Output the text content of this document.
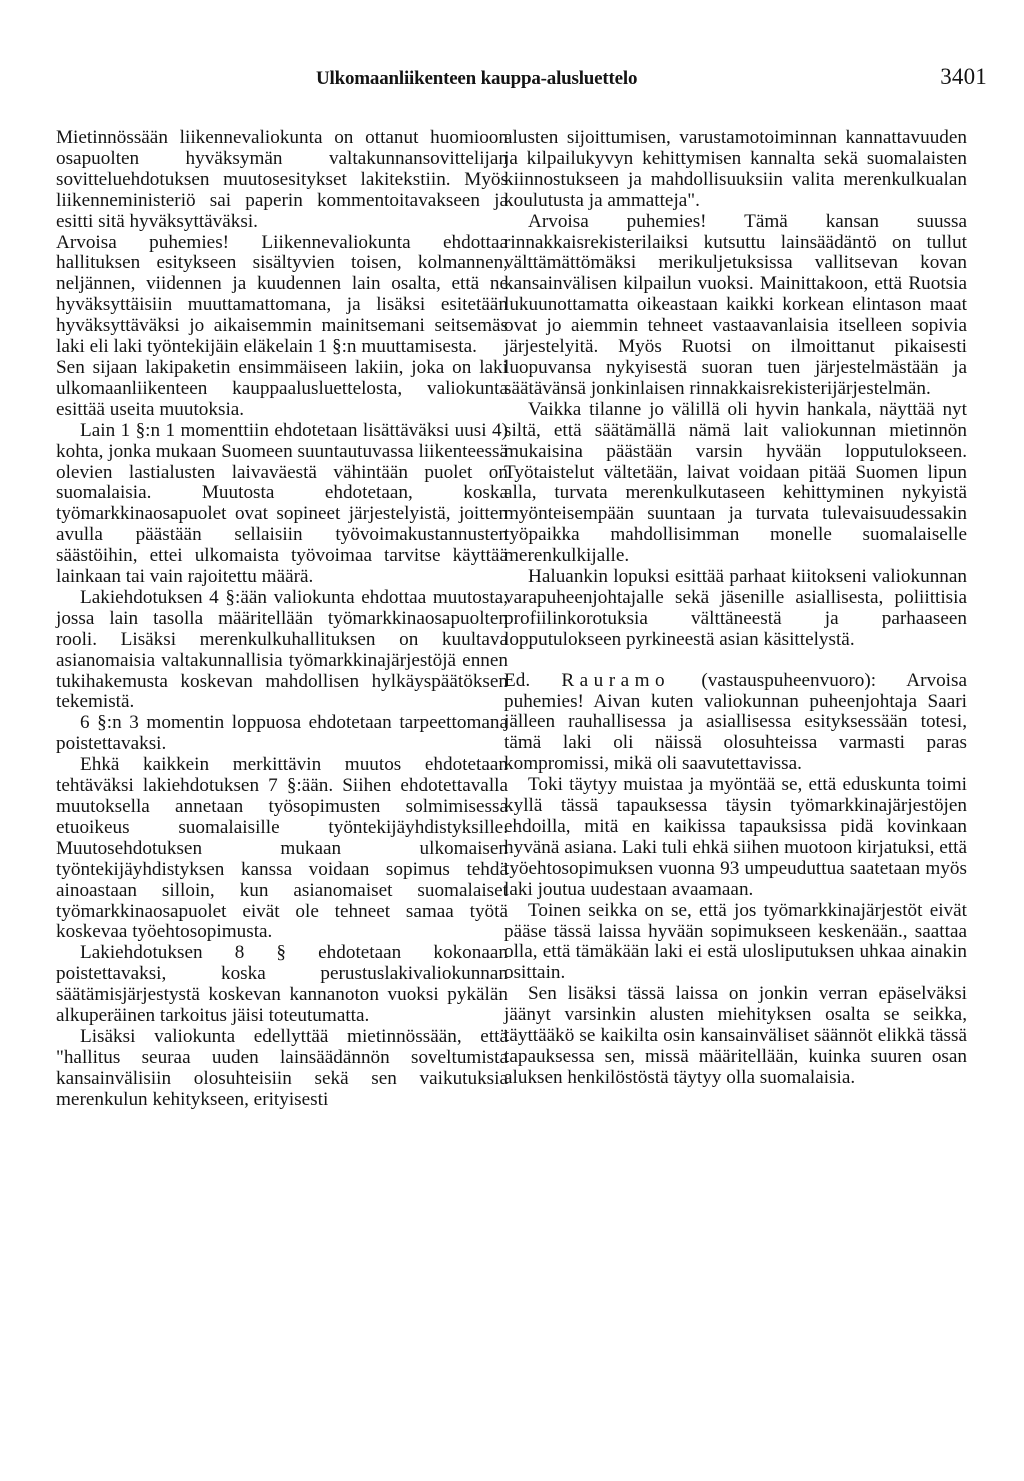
Ulkomaanliikenteen kauppa-alusluettelo	3401

Mietinnössään liikennevaliokunta on ottanut huomioon osapuolten hyväksymän valtakunnansovittelijan sovitteluehdotuksen muutosesitykset lakitekstiin. Myös liikenneministeriö sai paperin kommentoitavakseen ja esitti sitä hyväksyttäväksi.

Arvoisa puhemies! Liikennevaliokunta ehdottaa hallituksen esitykseen sisältyvien toisen, kolmannen, neljännen, viidennen ja kuudennen lain osalta, että ne hyväksyttäisiin muuttamattomana, ja lisäksi esitetään hyväksyttäväksi jo aikaisemmin mainitsemani seitsemäs laki eli laki työntekijäin eläkelain 1 §:n muuttamisesta.

Sen sijaan lakipaketin ensimmäiseen lakiin, joka on laki ulkomaanliikenteen kauppaalusluettelosta, valiokunta esittää useita muutoksia.

Lain 1 §:n 1 momenttiin ehdotetaan lisättäväksi uusi 4) kohta, jonka mukaan Suomeen suuntautuvassa liikenteessä olevien lastialusten laivaväestä vähintään puolet on suomalaisia. Muutosta ehdotetaan, koska työmarkkinaosapuolet ovat sopineet järjestelyistä, joitten avulla päästään sellaisiin työvoimakustannusten säästöihin, ettei ulkomaista työvoimaa tarvitse käyttää lainkaan tai vain rajoitettu määrä.

Lakiehdotuksen 4 §:ään valiokunta ehdottaa muutosta, jossa lain tasolla määritellään työmarkkinaosapuolten rooli. Lisäksi merenkulkuhallituksen on kuultava asianomaisia valtakunnallisia työmarkkinajärjestöjä ennen tukihakemusta koskevan mahdollisen hylkäyspäätöksen tekemistä.

6 §:n 3 momentin loppuosa ehdotetaan tarpeettomana poistettavaksi.

Ehkä kaikkein merkittävin muutos ehdotetaan tehtäväksi lakiehdotuksen 7 §:ään. Siihen ehdotettavalla muutoksella annetaan työsopimusten solmimisessa etuoikeus suomalaisille työntekijäyhdistyksille. Muutosehdotuksen mukaan ulkomaisen työntekijäyhdistyksen kanssa voidaan sopimus tehdä ainoastaan silloin, kun asianomaiset suomalaiset työmarkkinaosapuolet eivät ole tehneet samaa työtä koskevaa työehtosopimusta.

Lakiehdotuksen 8 § ehdotetaan kokonaan poistettavaksi, koska perustuslakivaliokunnan säätämisjärjestystä koskevan kannanoton vuoksi pykälän alkuperäinen tarkoitus jäisi toteutumatta.

Lisäksi valiokunta edellyttää mietinnössään, että "hallitus seuraa uuden lainsäädännön soveltumista kansainvälisiin olosuhteisiin sekä sen vaikutuksia merenkulun kehitykseen, erityisesti

alusten sijoittumisen, varustamotoiminnan kannattavuuden ja kilpailukyvyn kehittymisen kannalta sekä suomalaisten kiinnostukseen ja mahdollisuuksiin valita merenkulkualan koulutusta ja ammatteja".

Arvoisa puhemies! Tämä kansan suussa rinnakkaisrekisterilaiksi kutsuttu lainsäädäntö on tullut välttämättömäksi merikuljetuksissa vallitsevan kovan kansainvälisen kilpailun vuoksi. Mainittakoon, että Ruotsia lukuunottamatta oikeastaan kaikki korkean elintason maat ovat jo aiemmin tehneet vastaavanlaisia itselleen sopivia järjestelyitä. Myös Ruotsi on ilmoittanut pikaisesti luopuvansa nykyisestä suoran tuen järjestelmästään ja säätävänsä jonkinlaisen rinnakkaisrekisterijärjestelmän.

Vaikka tilanne jo välillä oli hyvin hankala, näyttää nyt siltä, että säätämällä nämä lait valiokunnan mietinnön mukaisina päästään varsin hyvään lopputulokseen. Työtaistelut vältetään, laivat voidaan pitää Suomen lipun alla, turvata merenkulkutaseen kehittyminen nykyistä myönteisempään suuntaan ja turvata tulevaisuudessakin työpaikka mahdollisimman monelle suomalaiselle merenkulkijalle.

Haluankin lopuksi esittää parhaat kiitokseni valiokunnan varapuheenjohtajalle sekä jäsenille asiallisesta, poliittisia profiilinkorotuksia välttäneestä ja parhaaseen lopputulokseen pyrkineestä asian käsittelystä.

Ed. Rauramo (vastauspuheenvuoro): Arvoisa puhemies! Aivan kuten valiokunnan puheenjohtaja Saari jälleen rauhallisessa ja asiallisessa esityksessään totesi, tämä laki oli näissä olosuhteissa varmasti paras kompromissi, mikä oli saavutettavissa.

Toki täytyy muistaa ja myöntää se, että eduskunta toimi kyllä tässä tapauksessa täysin työmarkkinajärjestöjen ehdoilla, mitä en kaikissa tapauksissa pidä kovinkaan hyvänä asiana. Laki tuli ehkä siihen muotoon kirjatuksi, että työehtosopimuksen vuonna 93 umpeuduttua saatetaan myös laki joutua uudestaan avaamaan.

Toinen seikka on se, että jos työmarkkinajärjestöt eivät pääse tässä laissa hyvään sopimukseen keskenään., saattaa olla, että tämäkään laki ei estä ulosliputuksen uhkaa ainakin osittain.

Sen lisäksi tässä laissa on jonkin verran epäselväksi jäänyt varsinkin alusten miehityksen osalta se seikka, täyttääkö se kaikilta osin kansainväliset säännöt elikkä tässä tapauksessa sen, missä määritellään, kuinka suuren osan aluksen henkilöstöstä täytyy olla suomalaisia.
